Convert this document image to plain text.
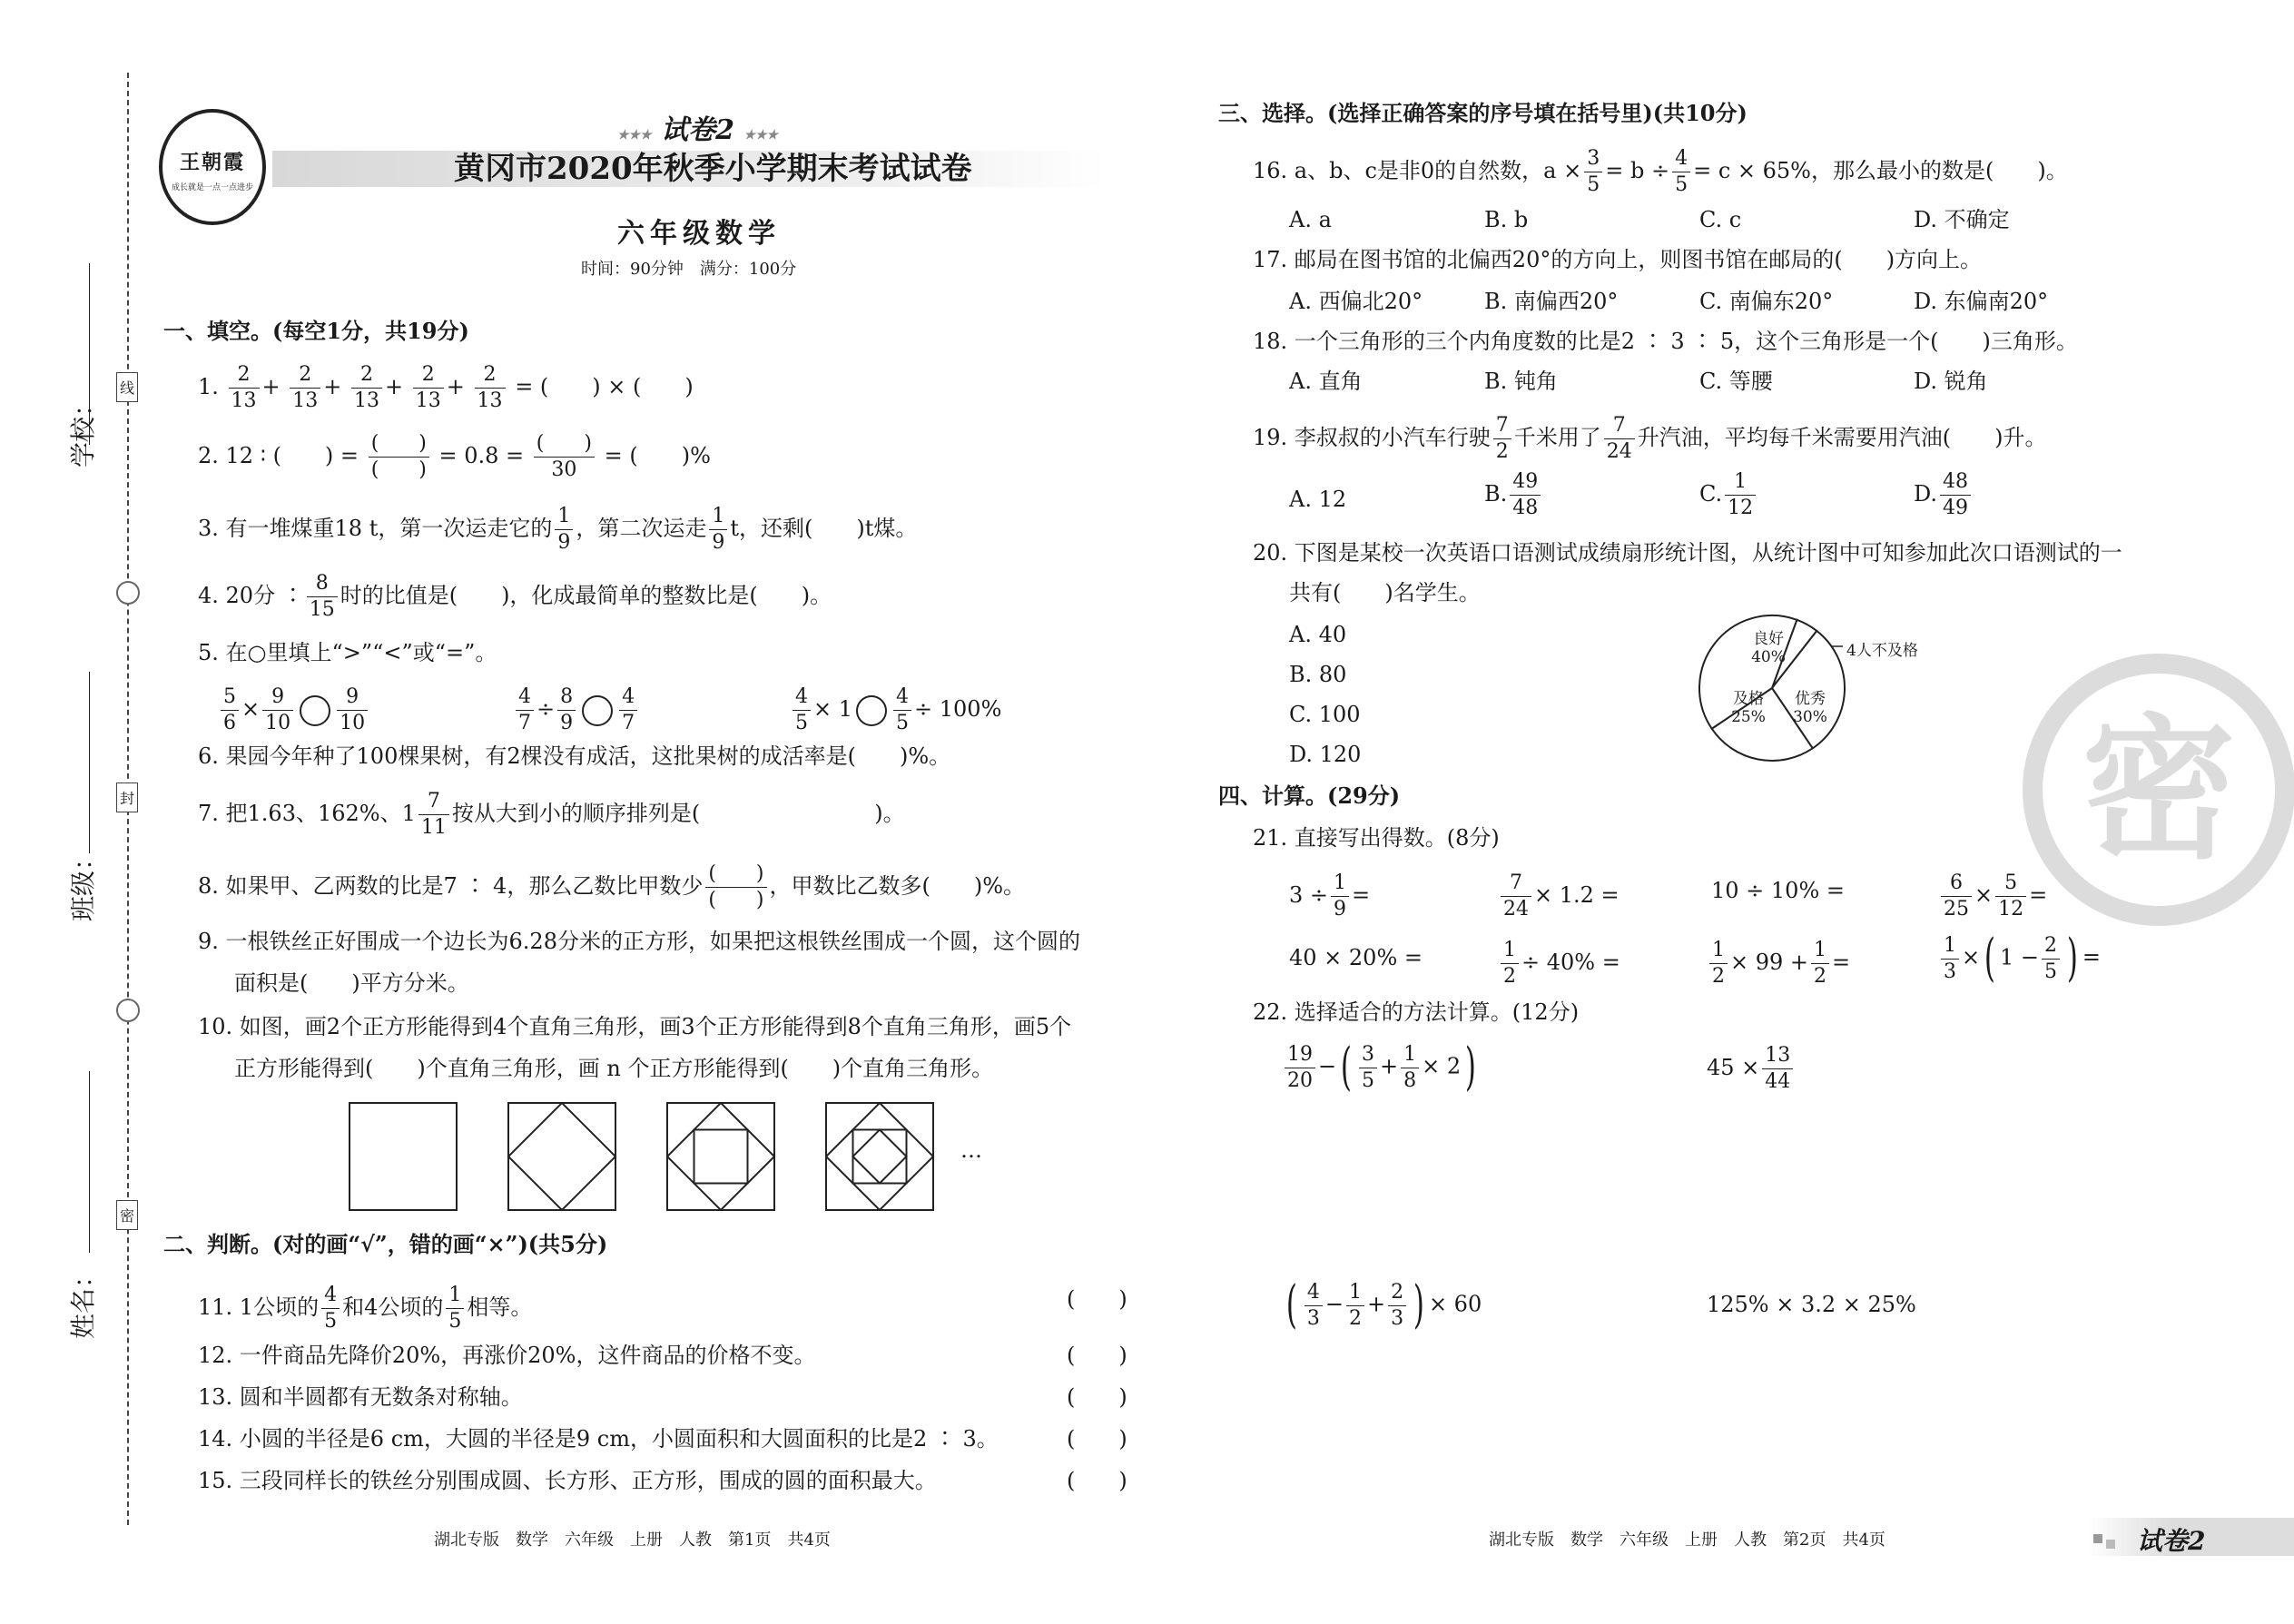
学校：
班级：
姓名：
线
封
密
王朝霞
成长就是一点一点进步
★★★ 试卷2 ★★★
黄冈市2020年秋季小学期末考试试卷
六年级数学
时间：90分钟　满分：100分
一、填空。(每空1分，共19分)
1. $\frac{2}{13} + \frac{2}{13} + \frac{2}{13} + \frac{2}{13} + \frac{2}{13}$ = (　　) × (　　)
2. 12 ∶ (　　) = (　　)
(　　)
= 0.8 = (　　)
30
= (　　)%
3. 有一堆煤重18 t，第一次运走它的 $\frac{1}{9}$ ，第二次运走 $\frac{1}{9}$ t，还剩(　　)t煤。
4. 20分 ∶ $\frac{8}{15}$ 时的比值是(　　)，化成最简单的整数比是(　　)。
5. 在○里填上“>”“<”或“=”。
$\frac{5}{6} \times \frac{9}{10} \frac{9}{10}$	$\frac{4}{7} \div \frac{8}{9} \frac{4}{7}$	$\frac{4}{5} \times 1 \frac{4}{5} \div 100\%$
6. 果园今年种了100棵果树，有2棵没有成活，这批果树的成活率是(　　)%。
7. 把1.63、162%、$1 \frac{7}{11}$ 按从大到小的顺序排列是(　　　　　　　　)。
8. 如果甲、乙两数的比是7 ∶ 4，那么乙数比甲数少 (　　)
(　　)
，甲数比乙数多(　　)%。
9. 一根铁丝正好围成一个边长为6.28分米的正方形，如果把这根铁丝围成一个圆，这个圆的
面积是(　　)平方分米。
10. 如图，画2个正方形能得到4个直角三角形，画3个正方形能得到8个直角三角形，画5个
正方形能得到(　　)个直角三角形，画 n 个正方形能得到(　　)个直角三角形。
…
二、判断。(对的画“√”，错的画“×”)(共5分)
11. 1公顷的 $\frac{4}{5}$ 和4公顷的 $\frac{1}{5}$ 相等。
12. 一件商品先降价20%，再涨价20%，这件商品的价格不变。
13. 圆和半圆都有无数条对称轴。
14. 小圆的半径是6 cm，大圆的半径是9 cm，小圆面积和大圆面积的比是2 ∶ 3。
15. 三段同样长的铁丝分别围成圆、长方形、正方形，围成的圆的面积最大。
(　　)
(　　)
(　　)
(　　)
(　　)
湖北专版　数学　六年级　上册　人教　第1页　共4页
三、选择。(选择正确答案的序号填在括号里)(共10分)
16. a、b、c是非0的自然数，$a \times \frac{3}{5} = b \div \frac{4}{5} = c \times 65\%$，那么最小的数是(　　)。
A. a	B. b	C. c	D. 不确定
17. 邮局在图书馆的北偏西20°的方向上，则图书馆在邮局的(　　)方向上。
A. 西偏北20°	B. 南偏西20°	C. 南偏东20°	D. 东偏南20°
18. 一个三角形的三个内角度数的比是2 ∶ 3 ∶ 5，这个三角形是一个(　　)三角形。
A. 直角	B. 钝角	C. 等腰	D. 锐角
19. 李叔叔的小汽车行驶 $\frac{7}{2}$ 千米用了 $\frac{7}{24}$ 升汽油，平均每千米需要用汽油(　　)升。
A. 12	B. $\frac{49}{48}$	C. $\frac{1}{12}$	D. $\frac{48}{49}$
20. 下图是某校一次英语口语测试成绩扇形统计图，从统计图中可知参加此次口语测试的一
共有(　　)名学生。
A. 40
B. 80
C. 100
D. 120
良好
40%
及格
25%
优秀
30%
4人不及格
密
四、计算。(29分)
21. 直接写出得数。(8分)
$3 \div \frac{1}{9}$ =	$\frac{7}{24} \times 1.2$ =	10 ÷ 10% =	$\frac{6}{25} \times \frac{5}{12}$ =
40 × 20% =	$\frac{1}{2} \div 40\%$ =	$\frac{1}{2} \times 99 + \frac{1}{2}$ =	$\frac{1}{3}$ ×( $1 - \frac{2}{5}$ ) =
22. 选择适合的方法计算。(12分)
$\frac{19}{20}$ −( $\frac{3}{5} + \frac{1}{8} \times 2$)	$45 \times \frac{13}{44}$
( $\frac{4}{3} - \frac{1}{2} + \frac{2}{3}$ ) × 60	125% × 3.2 × 25%
湖北专版　数学　六年级　上册　人教　第2页　共4页	试卷2
